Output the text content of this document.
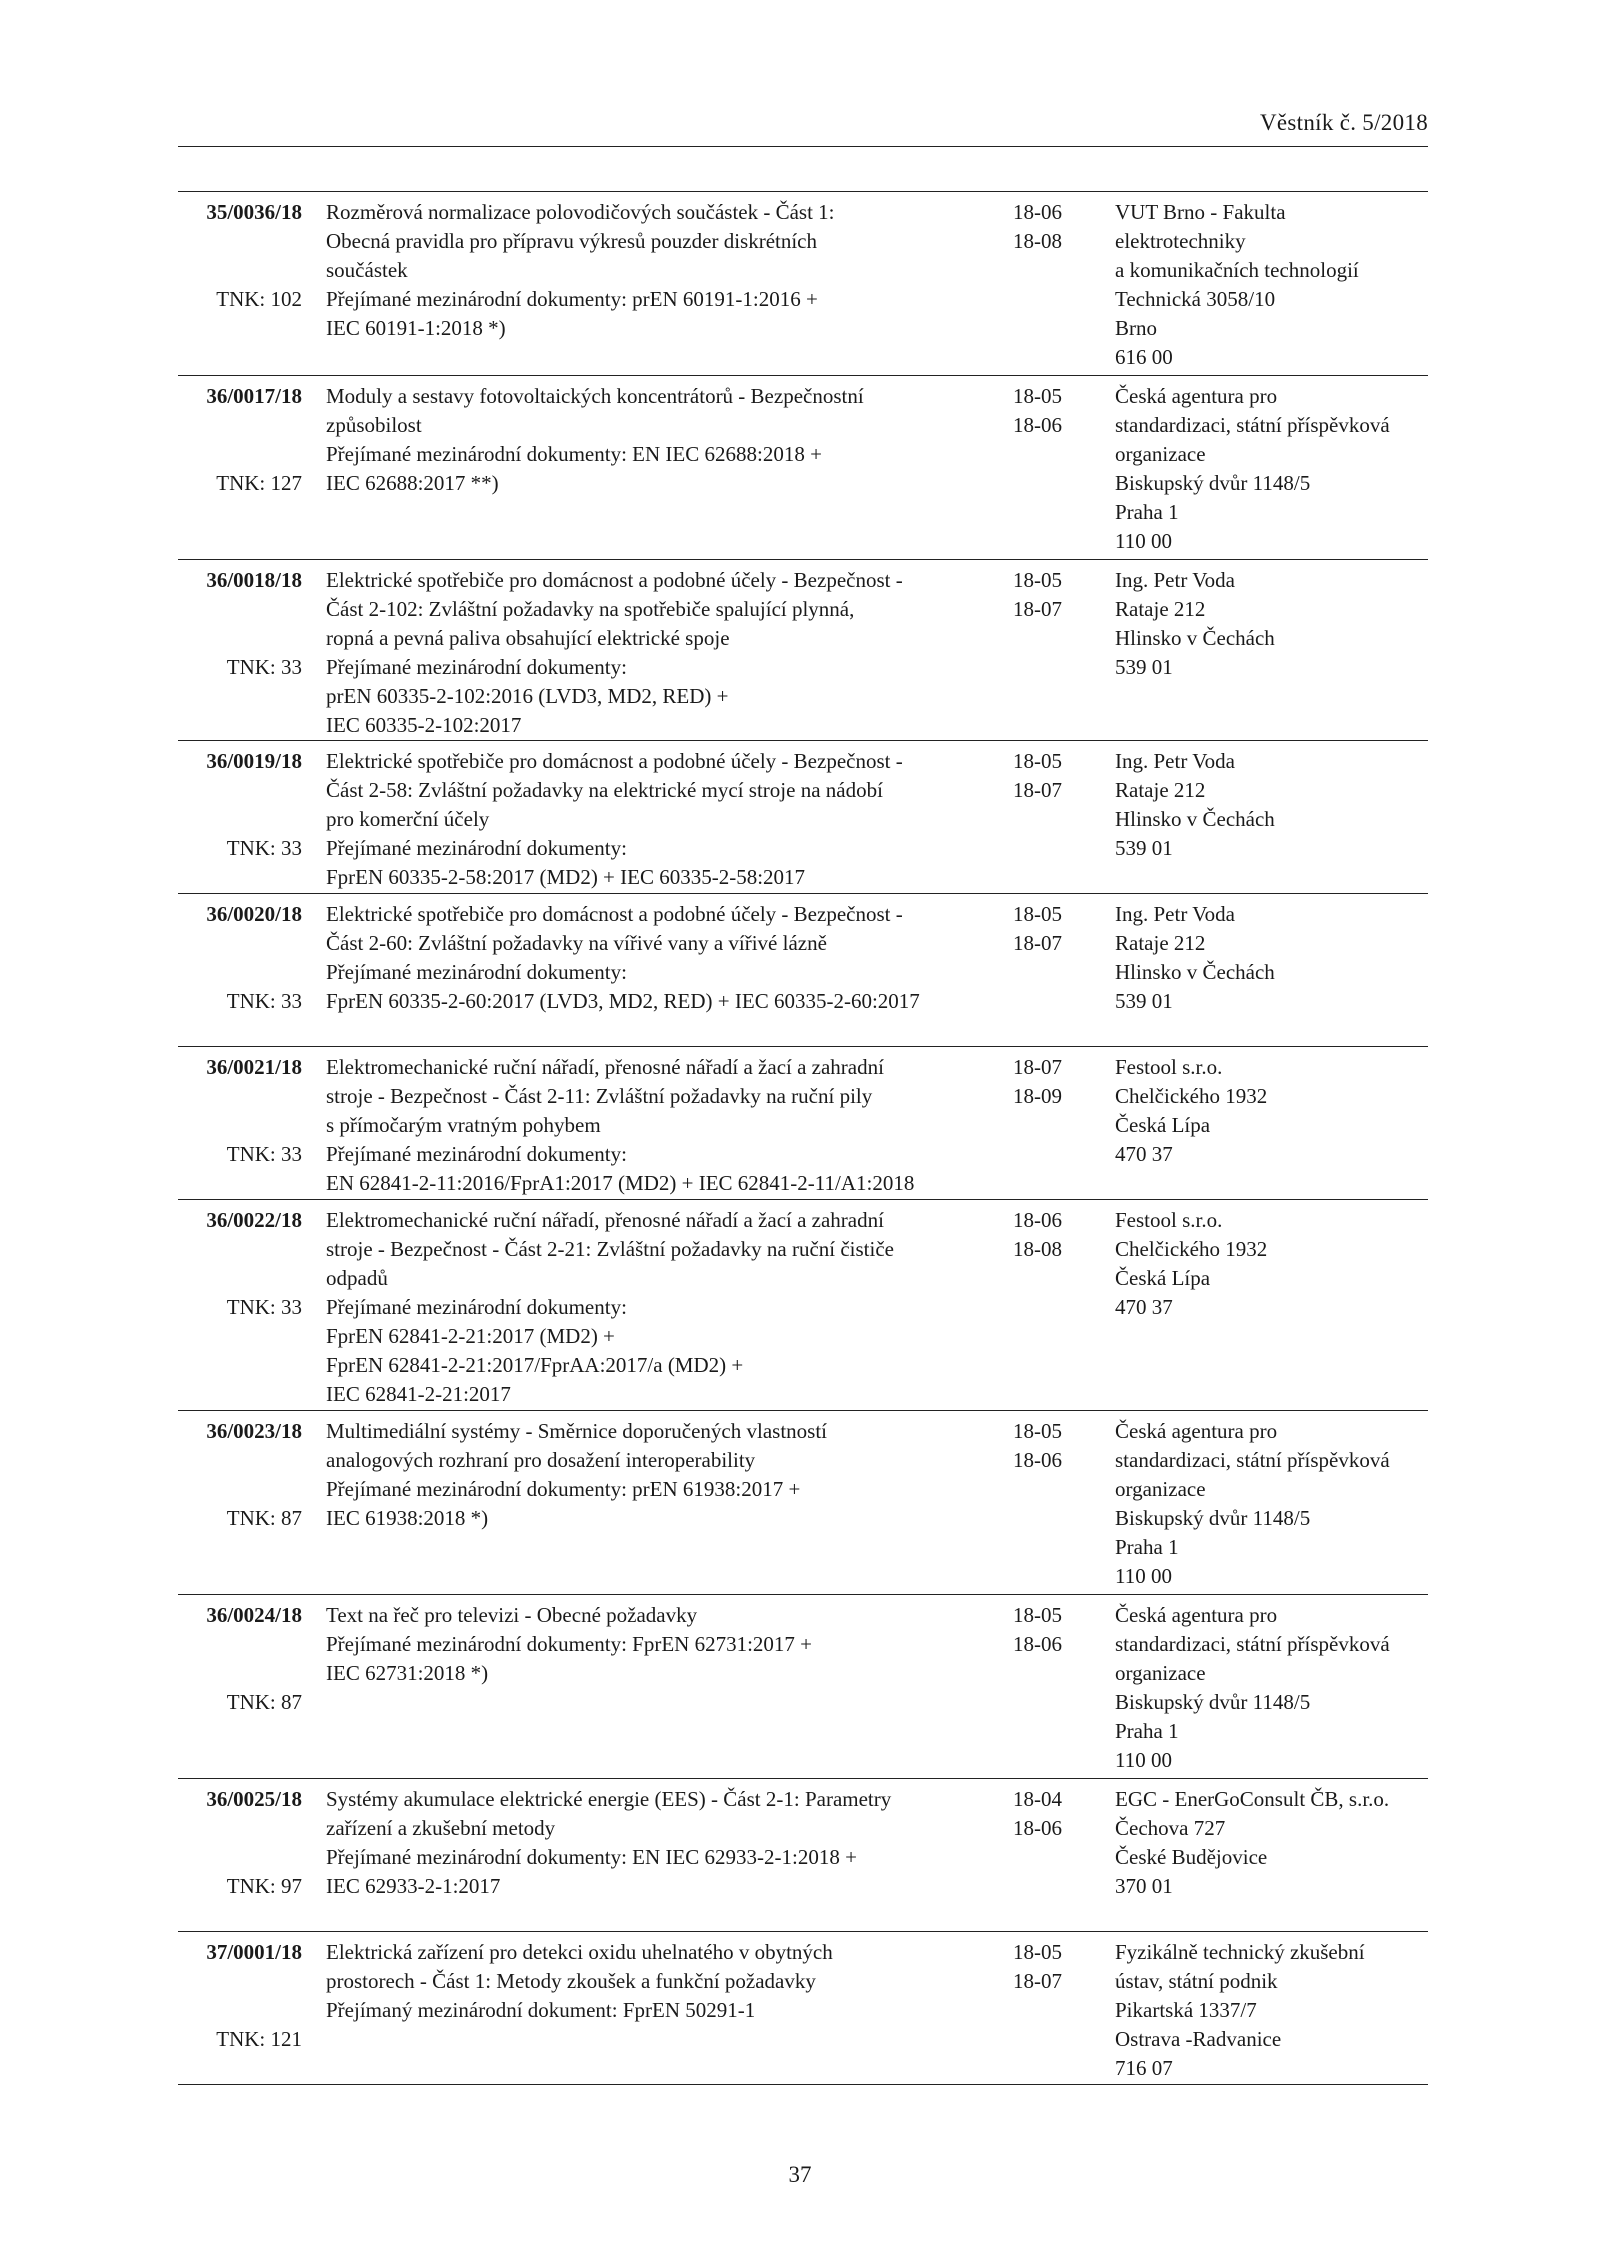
Věstník č. 5/2018
35/0036/18
TNK: 102
Rozměrová normalizace polovodičových součástek - Část 1:
Obecná pravidla pro přípravu výkresů pouzder diskrétních
součástek
Přejímané mezinárodní dokumenty: prEN 60191-1:2016 +
IEC 60191-1:2018 *)
18-06
18-08
VUT Brno - Fakulta
elektrotechniky
a komunikačních technologií
Technická 3058/10
Brno
616 00
36/0017/18
TNK: 127
Moduly a sestavy fotovoltaických koncentrátorů - Bezpečnostní
způsobilost
Přejímané mezinárodní dokumenty: EN IEC 62688:2018 +
IEC 62688:2017 **)
18-05
18-06
Česká agentura pro
standardizaci, státní příspěvková
organizace
Biskupský dvůr 1148/5
Praha 1
110 00
36/0018/18
TNK: 33
Elektrické spotřebiče pro domácnost a podobné účely - Bezpečnost -
Část 2-102: Zvláštní požadavky na spotřebiče spalující plynná,
ropná a pevná paliva obsahující elektrické spoje
Přejímané mezinárodní dokumenty:
prEN 60335-2-102:2016 (LVD3, MD2, RED) +
IEC 60335-2-102:2017
18-05
18-07
Ing. Petr Voda
Rataje 212
Hlinsko v Čechách
539 01
36/0019/18
TNK: 33
Elektrické spotřebiče pro domácnost a podobné účely - Bezpečnost -
Část 2-58: Zvláštní požadavky na elektrické mycí stroje na nádobí
pro komerční účely
Přejímané mezinárodní dokumenty:
FprEN 60335-2-58:2017 (MD2) + IEC 60335-2-58:2017
18-05
18-07
Ing. Petr Voda
Rataje 212
Hlinsko v Čechách
539 01
36/0020/18
TNK: 33
Elektrické spotřebiče pro domácnost a podobné účely - Bezpečnost -
Část 2-60: Zvláštní požadavky na vířivé vany a vířivé lázně
Přejímané mezinárodní dokumenty:
FprEN 60335-2-60:2017 (LVD3, MD2, RED) + IEC 60335-2-60:2017
18-05
18-07
Ing. Petr Voda
Rataje 212
Hlinsko v Čechách
539 01
36/0021/18
TNK: 33
Elektromechanické ruční nářadí, přenosné nářadí a žací a zahradní
stroje - Bezpečnost - Část 2-11: Zvláštní požadavky na ruční pily
s přímočarým vratným pohybem
Přejímané mezinárodní dokumenty:
EN 62841-2-11:2016/FprA1:2017 (MD2) + IEC 62841-2-11/A1:2018
18-07
18-09
Festool s.r.o.
Chelčického 1932
Česká Lípa
470 37
36/0022/18
TNK: 33
Elektromechanické ruční nářadí, přenosné nářadí a žací a zahradní
stroje - Bezpečnost - Část 2-21: Zvláštní požadavky na ruční čističe
odpadů
Přejímané mezinárodní dokumenty:
FprEN 62841-2-21:2017 (MD2) +
FprEN 62841-2-21:2017/FprAA:2017/a (MD2) +
IEC 62841-2-21:2017
18-06
18-08
Festool s.r.o.
Chelčického 1932
Česká Lípa
470 37
36/0023/18
TNK: 87
Multimediální systémy - Směrnice doporučených vlastností
analogových rozhraní pro dosažení interoperability
Přejímané mezinárodní dokumenty: prEN 61938:2017 +
IEC 61938:2018 *)
18-05
18-06
Česká agentura pro
standardizaci, státní příspěvková
organizace
Biskupský dvůr 1148/5
Praha 1
110 00
36/0024/18
TNK: 87
Text na řeč pro televizi - Obecné požadavky
Přejímané mezinárodní dokumenty: FprEN 62731:2017 +
IEC 62731:2018 *)
18-05
18-06
Česká agentura pro
standardizaci, státní příspěvková
organizace
Biskupský dvůr 1148/5
Praha 1
110 00
36/0025/18
TNK: 97
Systémy akumulace elektrické energie (EES) - Část 2-1: Parametry
zařízení a zkušební metody
Přejímané mezinárodní dokumenty: EN IEC 62933-2-1:2018 +
IEC 62933-2-1:2017
18-04
18-06
EGC - EnerGoConsult ČB, s.r.o.
Čechova 727
České Budějovice
370 01
37/0001/18
TNK: 121
Elektrická zařízení pro detekci oxidu uhelnatého v obytných
prostorech - Část 1: Metody zkoušek a funkční požadavky
Přejímaný mezinárodní dokument: FprEN 50291-1
18-05
18-07
Fyzikálně technický zkušební
ústav, státní podnik
Pikartská 1337/7
Ostrava -Radvanice
716 07
37
